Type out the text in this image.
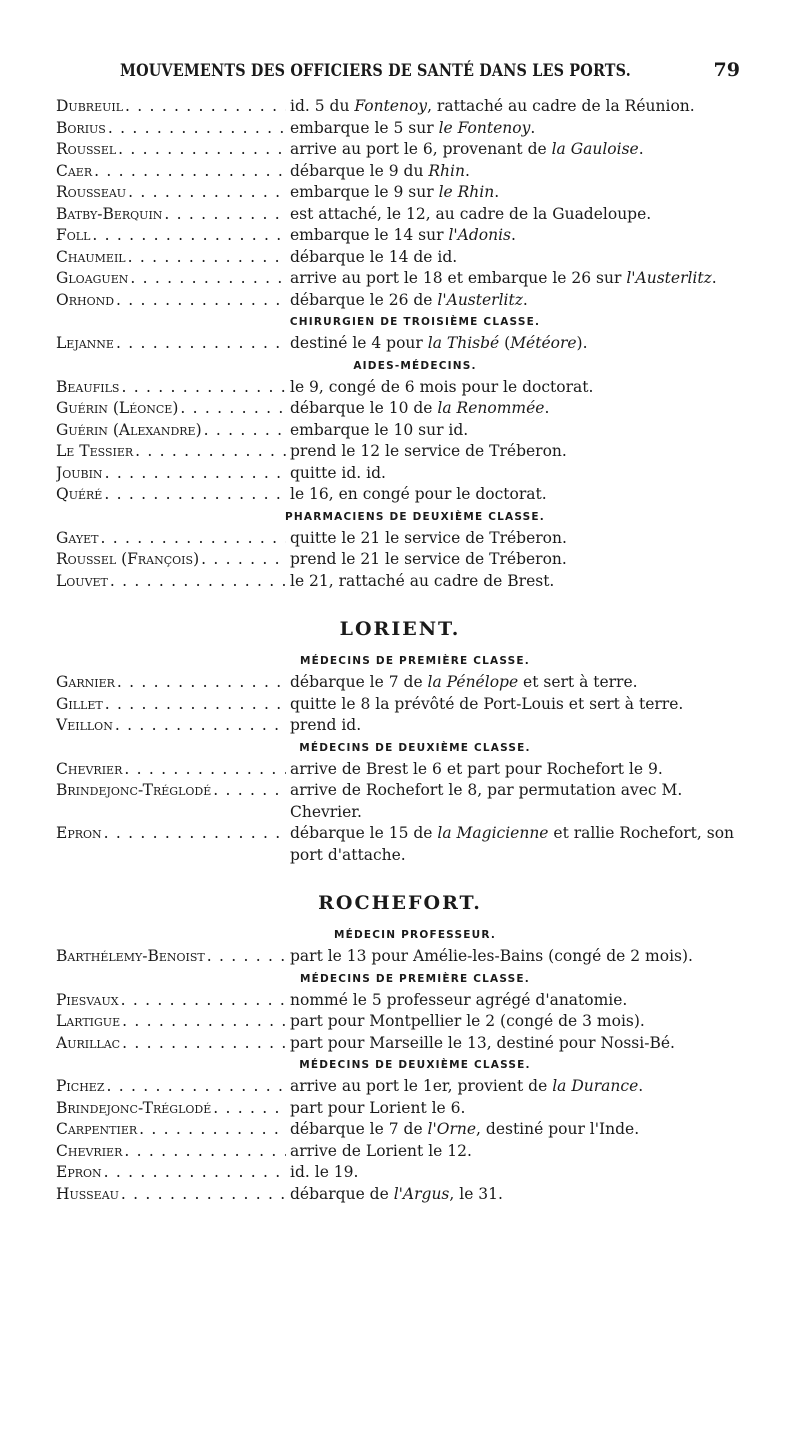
MOUVEMENTS DES OFFICIERS DE SANTÉ DANS LES PORTS.	79
Dubreuil . . .	id. 5 du Fontenoy, rattaché au cadre de la Réunion.
Borius . . .	embarque le 5 sur le Fontenoy.
Roussel . . .	arrive au port le 6, provenant de la Gauloise.
Caer . . .	débarque le 9 du Rhin.
Rousseau . . .	embarque le 9 sur le Rhin.
Batby-Berquin . . .	est attaché, le 12, au cadre de la Guadeloupe.
Foll . . .	embarque le 14 sur l'Adonis.
Chaumeil . . .	débarque le 14 de id.
Gloaguen . . .	arrive au port le 18 et embarque le 26 sur l'Austerlitz.
Orhond . . .	débarque le 26 de l'Austerlitz.
CHIRURGIEN DE TROISIÈME CLASSE.
Lejanne . . .	destiné le 4 pour la Thisbé (Météore).
AIDES-MÉDECINS.
Beaufils . . .	le 9, congé de 6 mois pour le doctorat.
Guérin (Léonce) . . .	débarque le 10 de la Renommée.
Guérin (Alexandre) . . .	embarque le 10 sur id.
Le Tessier . . .	prend le 12 le service de Tréberon.
Joubin . . .	quitte id. id.
Quéré . . .	le 16, en congé pour le doctorat.
PHARMACIENS DE DEUXIÈME CLASSE.
Gayet . . .	quitte le 21 le service de Tréberon.
Roussel (François) . . .	prend le 21 le service de Tréberon.
Louvet . . .	le 21, rattaché au cadre de Brest.
LORIENT.
MÉDECINS DE PREMIÈRE CLASSE.
Garnier . . .	débarque le 7 de la Pénélope et sert à terre.
Gillet . . .	quitte le 8 la prévôté de Port-Louis et sert à terre.
Veillon . . .	prend id.
MÉDECINS DE DEUXIÈME CLASSE.
Chevrier . . .	arrive de Brest le 6 et part pour Rochefort le 9.
Brindejonc-Tréglodé . . .	arrive de Rochefort le 8, par permutation avec M. Chevrier.
Epron . . .	débarque le 15 de la Magicienne et rallie Rochefort, son port d'attache.
ROCHEFORT.
MÉDECIN PROFESSEUR.
Barthélemy-Benoist . . .	part le 13 pour Amélie-les-Bains (congé de 2 mois).
MÉDECINS DE PREMIÈRE CLASSE.
Piesvaux . . .	nommé le 5 professeur agrégé d'anatomie.
Lartigue . . .	part pour Montpellier le 2 (congé de 3 mois).
Aurillac . . .	part pour Marseille le 13, destiné pour Nossi-Bé.
MÉDECINS DE DEUXIÈME CLASSE.
Pichez . . .	arrive au port le 1er, provient de la Durance.
Brindejonc-Tréglodé . . .	part pour Lorient le 6.
Carpentier . . .	débarque le 7 de l'Orne, destiné pour l'Inde.
Chevrier . . .	arrive de Lorient le 12.
Epron . . .	id. le 19.
Husseau . . .	débarque de l'Argus, le 31.
